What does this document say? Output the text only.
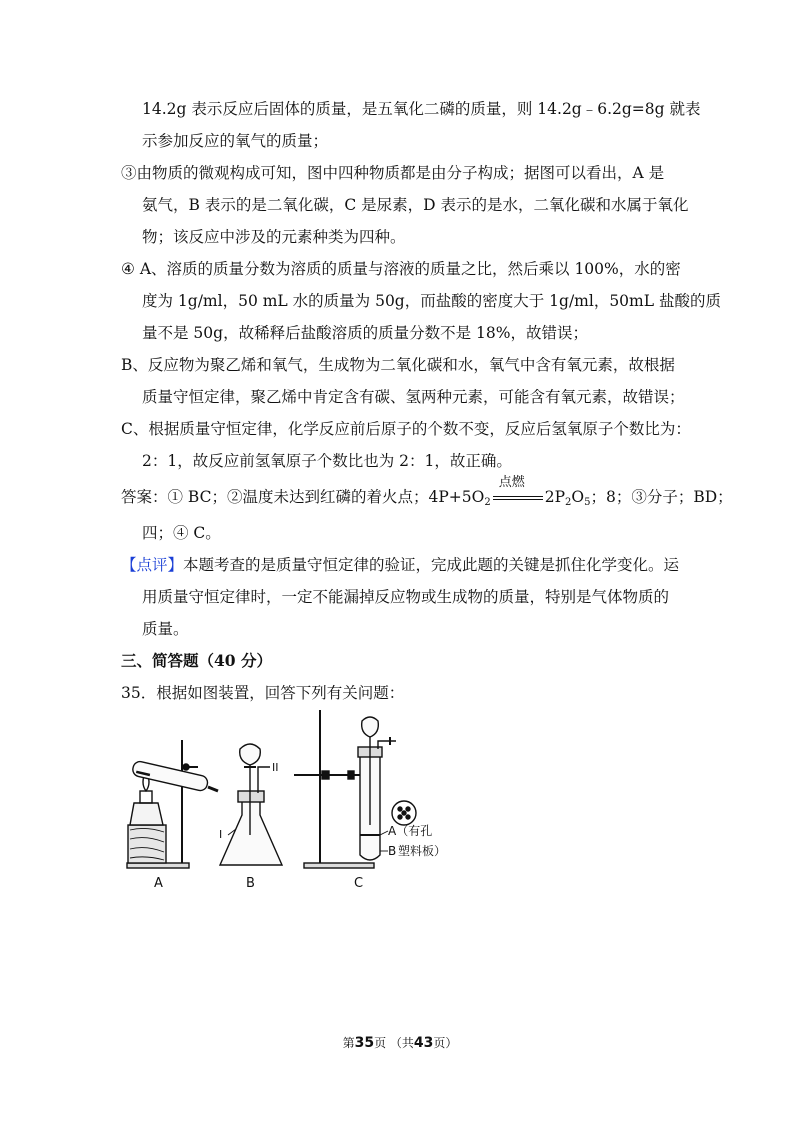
14.2g 表示反应后固体的质量，是五氧化二磷的质量，则 14.2g﹣6.2g=8g 就表
示参加反应的氧气的质量；
③由物质的微观构成可知，图中四种物质都是由分子构成；据图可以看出，A 是
氨气，B 表示的是二氧化碳，C 是尿素，D 表示的是水，二氧化碳和水属于氧化
物；该反应中涉及的元素种类为四种。
④ A、溶质的质量分数为溶质的质量与溶液的质量之比，然后乘以 100%，水的密
度为 1g/ml，50 mL 水的质量为 50g，而盐酸的密度大于 1g/ml，50mL 盐酸的质
量不是 50g，故稀释后盐酸溶质的质量分数不是 18%，故错误；
B、反应物为聚乙烯和氧气，生成物为二氧化碳和水，氧气中含有氧元素，故根据
质量守恒定律，聚乙烯中肯定含有碳、氢两种元素，可能含有氧元素，故错误；
C、根据质量守恒定律，化学反应前后原子的个数不变，反应后氢氧原子个数比为：
2：1，故反应前氢氧原子个数比也为 2：1，故正确。
答案：① BC；②温度未达到红磷的着火点；$4P+5O_2$
点燃
$2P_2O_5$；8；③分子；BD；
四；④ C。
【点评】本题考查的是质量守恒定律的验证，完成此题的关键是抓住化学变化。运
用质量守恒定律时，一定不能漏掉反应物或生成物的质量，特别是气体物质的
质量。
三、简答题（40 分）
35．根据如图装置，回答下列有关问题：
A
II
I
B
A（有孔
B 塑料板）
C
第35页 （共43页）
